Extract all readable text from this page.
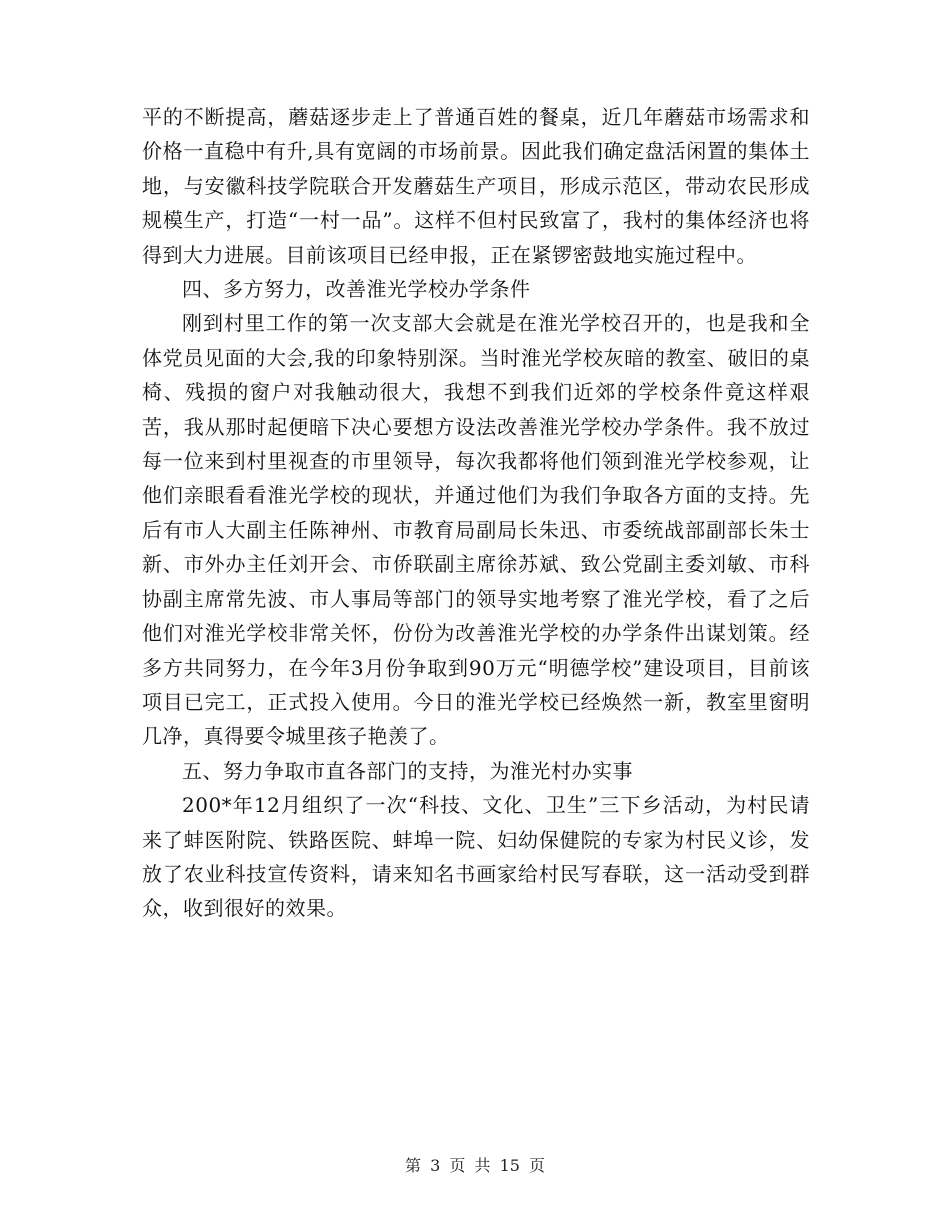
平的不断提高，蘑菇逐步走上了普通百姓的餐桌，近几年蘑菇市场需求和价格一直稳中有升,具有宽阔的市场前景。因此我们确定盘活闲置的集体土地，与安徽科技学院联合开发蘑菇生产项目，形成示范区，带动农民形成规模生产，打造“一村一品”。这样不但村民致富了，我村的集体经济也将得到大力进展。目前该项目已经申报，正在紧锣密鼓地实施过程中。

四、多方努力，改善淮光学校办学条件

刚到村里工作的第一次支部大会就是在淮光学校召开的，也是我和全体党员见面的大会,我的印象特别深。当时淮光学校灰暗的教室、破旧的桌椅、残损的窗户对我触动很大，我想不到我们近郊的学校条件竟这样艰苦，我从那时起便暗下决心要想方设法改善淮光学校办学条件。我不放过每一位来到村里视查的市里领导，每次我都将他们领到淮光学校参观，让他们亲眼看看淮光学校的现状，并通过他们为我们争取各方面的支持。先后有市人大副主任陈神州、市教育局副局长朱迅、市委统战部副部长朱士新、市外办主任刘开会、市侨联副主席徐苏斌、致公党副主委刘敏、市科协副主席常先波、市人事局等部门的领导实地考察了淮光学校，看了之后他们对淮光学校非常关怀，份份为改善淮光学校的办学条件出谋划策。经多方共同努力，在今年3月份争取到90万元“明德学校”建设项目，目前该项目已完工，正式投入使用。今日的淮光学校已经焕然一新，教室里窗明几净，真得要令城里孩子艳羡了。

五、努力争取市直各部门的支持，为淮光村办实事

200*年12月组织了一次“科技、文化、卫生”三下乡活动，为村民请来了蚌医附院、铁路医院、蚌埠一院、妇幼保健院的专家为村民义诊，发放了农业科技宣传资料，请来知名书画家给村民写春联，这一活动受到群众，收到很好的效果。

第 3 页 共 15 页
